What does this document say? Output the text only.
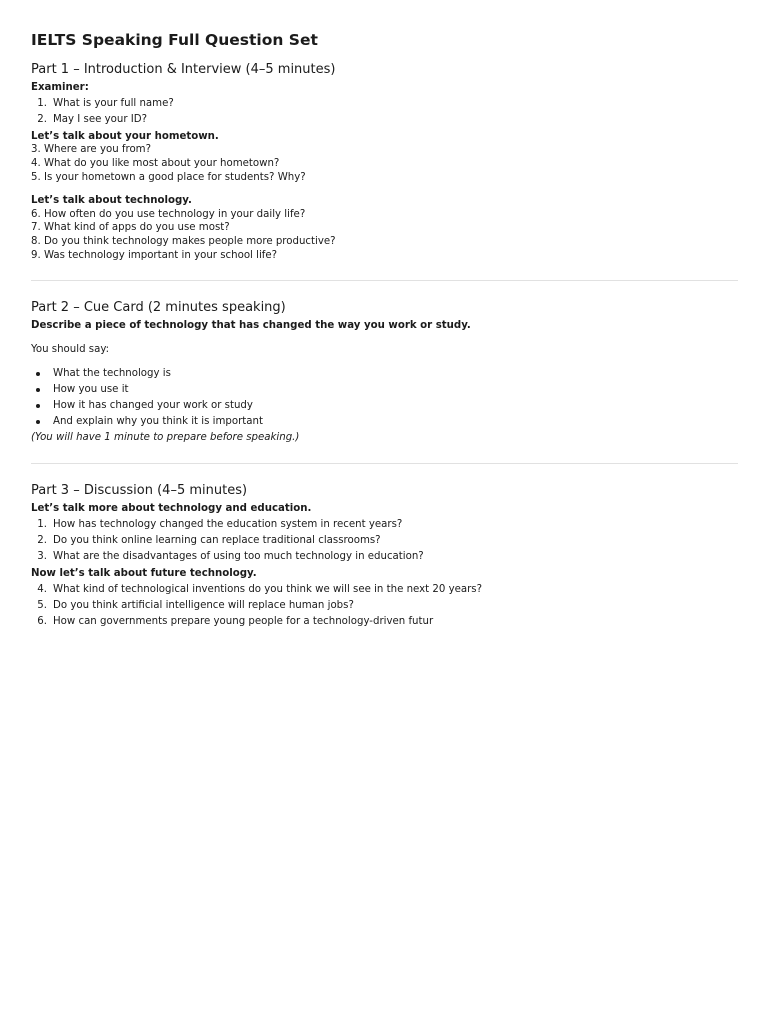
IELTS Speaking Full Question Set
Part 1 – Introduction & Interview (4–5 minutes)
Examiner:
1. What is your full name?
2. May I see your ID?
Let’s talk about your hometown.
3. Where are you from?
4. What do you like most about your hometown?
5. Is your hometown a good place for students? Why?
Let’s talk about technology.
6. How often do you use technology in your daily life?
7. What kind of apps do you use most?
8. Do you think technology makes people more productive?
9. Was technology important in your school life?
Part 2 – Cue Card (2 minutes speaking)
Describe a piece of technology that has changed the way you work or study.
You should say:
What the technology is
How you use it
How it has changed your work or study
And explain why you think it is important
(You will have 1 minute to prepare before speaking.)
Part 3 – Discussion (4–5 minutes)
Let’s talk more about technology and education.
1. How has technology changed the education system in recent years?
2. Do you think online learning can replace traditional classrooms?
3. What are the disadvantages of using too much technology in education?
Now let’s talk about future technology.
4. What kind of technological inventions do you think we will see in the next 20 years?
5. Do you think artificial intelligence will replace human jobs?
6. How can governments prepare young people for a technology-driven futur
